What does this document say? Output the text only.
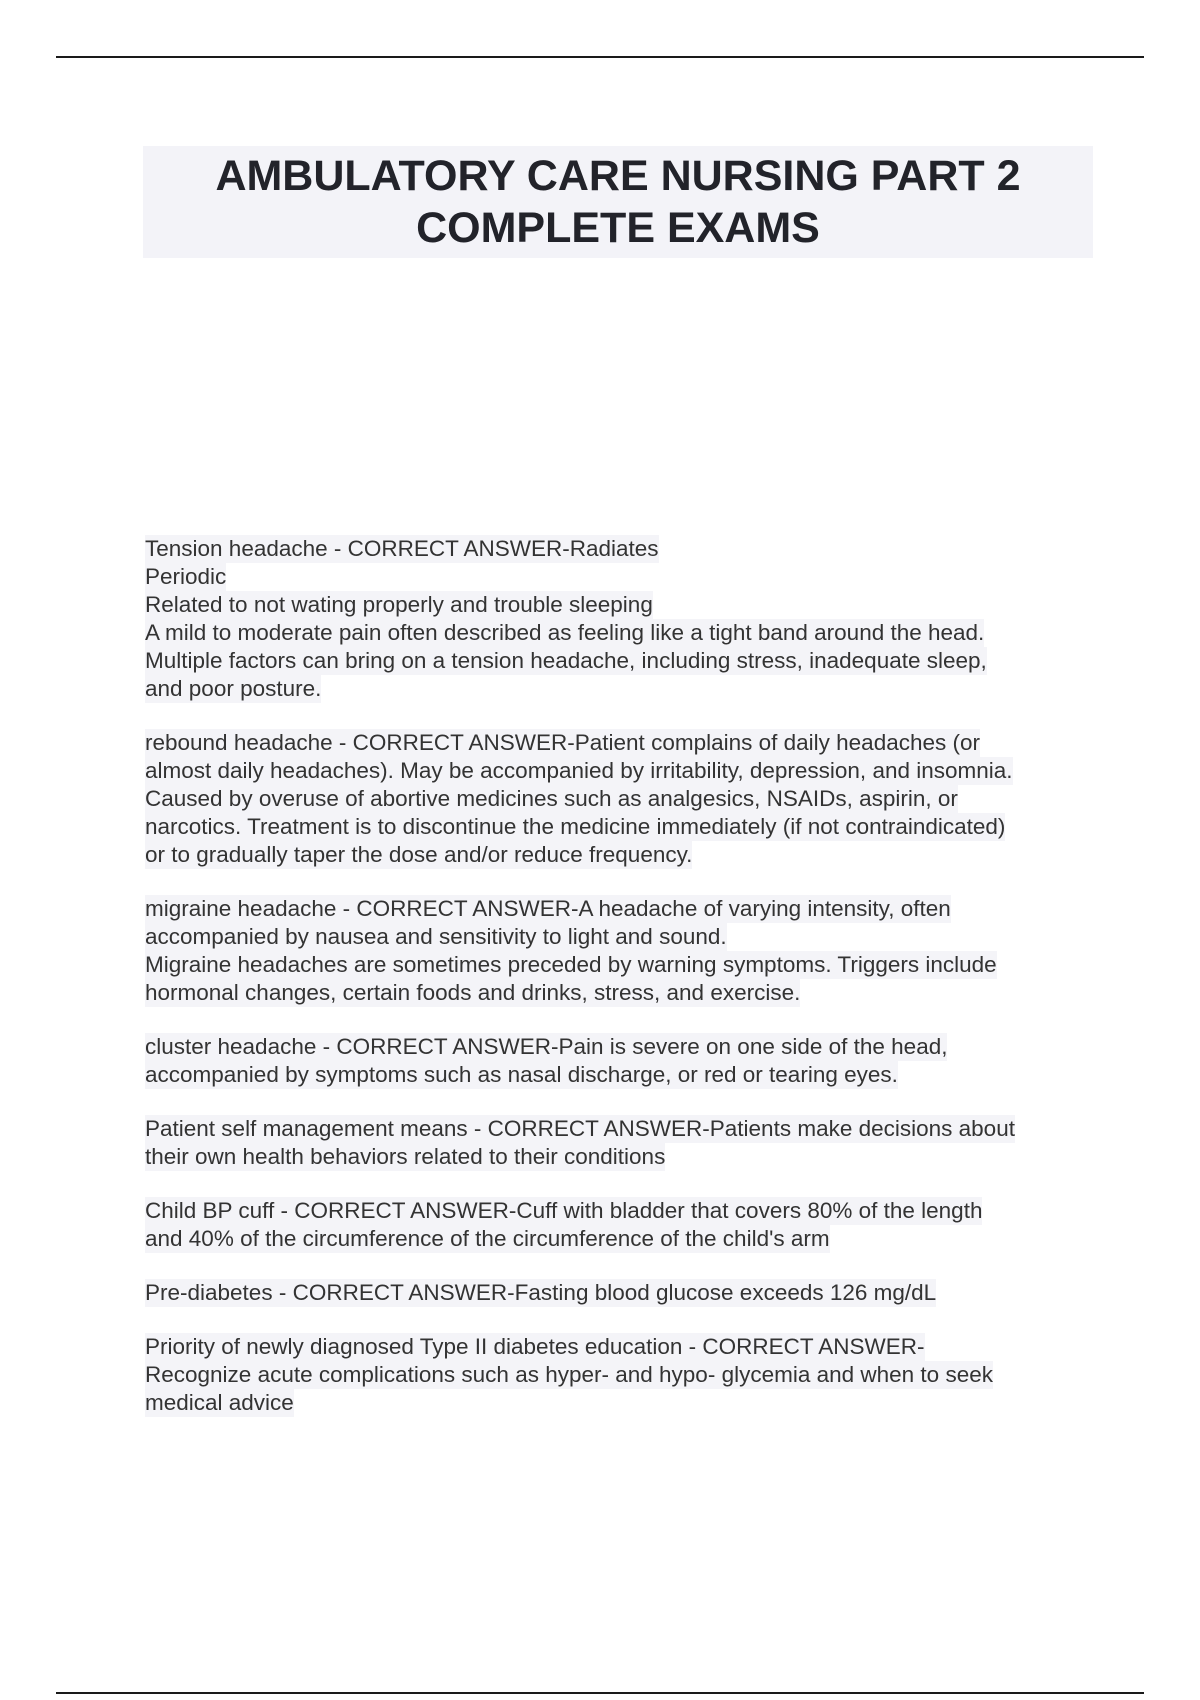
AMBULATORY CARE NURSING PART 2
COMPLETE EXAMS
Tension headache - CORRECT ANSWER-Radiates
Periodic
Related to not wating properly and trouble sleeping
A mild to moderate pain often described as feeling like a tight band around the head.
Multiple factors can bring on a tension headache, including stress, inadequate sleep,
and poor posture.
rebound headache - CORRECT ANSWER-Patient complains of daily headaches (or
almost daily headaches). May be accompanied by irritability, depression, and insomnia.
Caused by overuse of abortive medicines such as analgesics, NSAIDs, aspirin, or
narcotics. Treatment is to discontinue the medicine immediately (if not contraindicated)
or to gradually taper the dose and/or reduce frequency.
migraine headache - CORRECT ANSWER-A headache of varying intensity, often
accompanied by nausea and sensitivity to light and sound.
Migraine headaches are sometimes preceded by warning symptoms. Triggers include
hormonal changes, certain foods and drinks, stress, and exercise.
cluster headache - CORRECT ANSWER-Pain is severe on one side of the head,
accompanied by symptoms such as nasal discharge, or red or tearing eyes.
Patient self management means - CORRECT ANSWER-Patients make decisions about
their own health behaviors related to their conditions
Child BP cuff - CORRECT ANSWER-Cuff with bladder that covers 80% of the length
and 40% of the circumference of the circumference of the child's arm
Pre-diabetes - CORRECT ANSWER-Fasting blood glucose exceeds 126 mg/dL
Priority of newly diagnosed Type II diabetes education - CORRECT ANSWER-
Recognize acute complications such as hyper- and hypo- glycemia and when to seek
medical advice
